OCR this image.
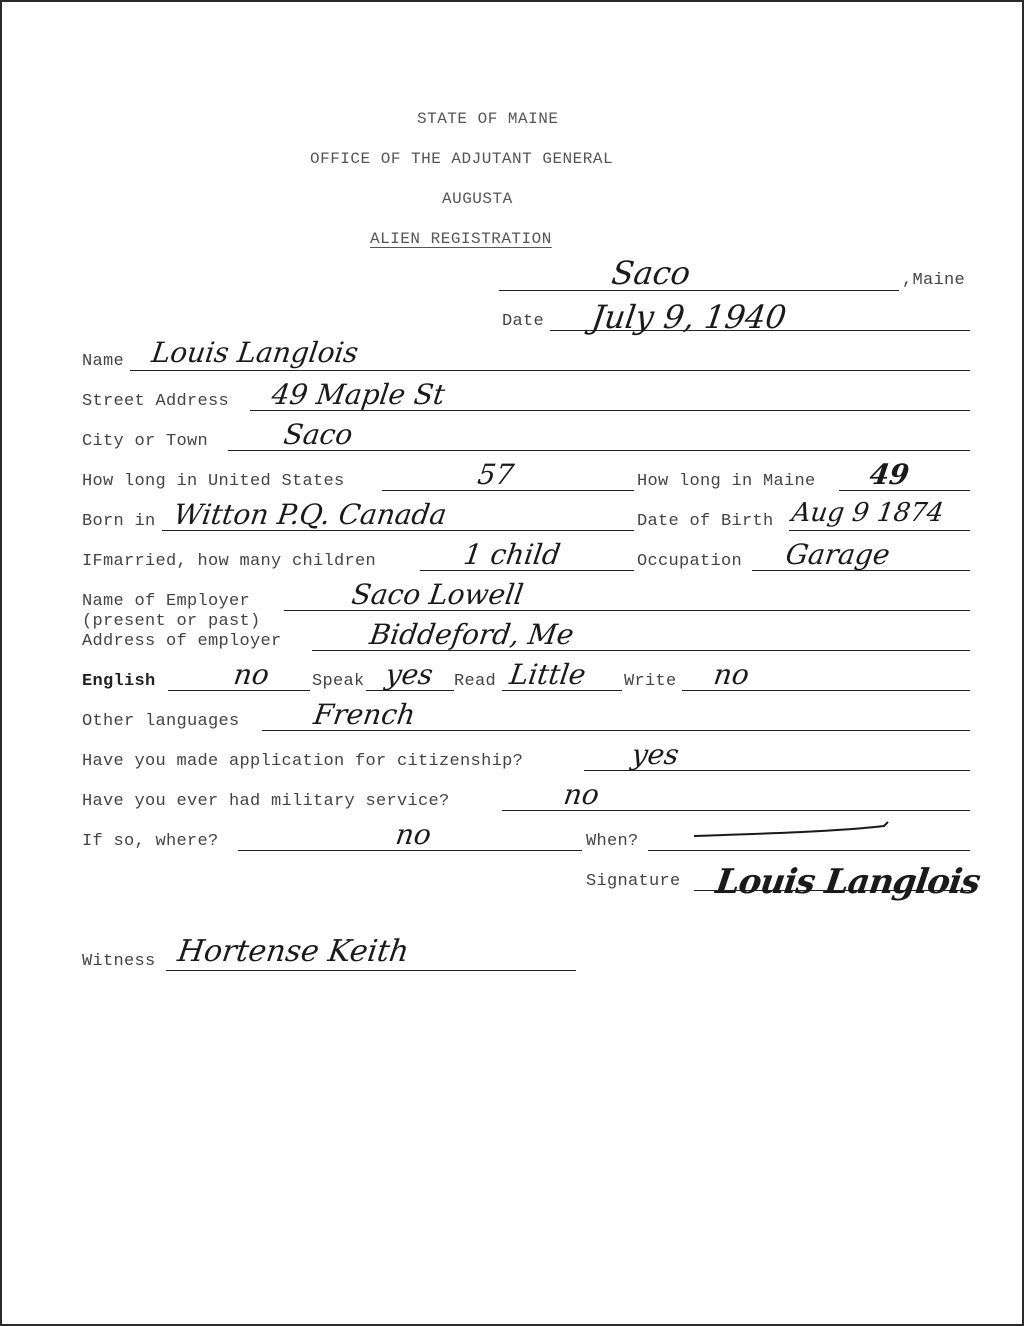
STATE OF MAINE
OFFICE OF THE ADJUTANT GENERAL
AUGUSTA
ALIEN REGISTRATION
Saco	,Maine
Date July 9, 1940
Name Louis Langlois
Street Address 49 Maple St
City or Town	Saco
How long in United States	57	How long in Maine 49
Born in Witton P.Q. Canada	Date of Birth Aug 9 1874
IFmarried, how many children	1 child	Occupation Garage
Name of Employer	Saco Lowell
(present or past)
Address of employer	Biddeford, Me
English	no Speak yes Read Little Write no
Other languages	French
Have you made application for citizenship?	yes
Have you ever had military service?	no
If so, where?	no	When?
Signature Louis Langlois
Witness Hortense Keith
